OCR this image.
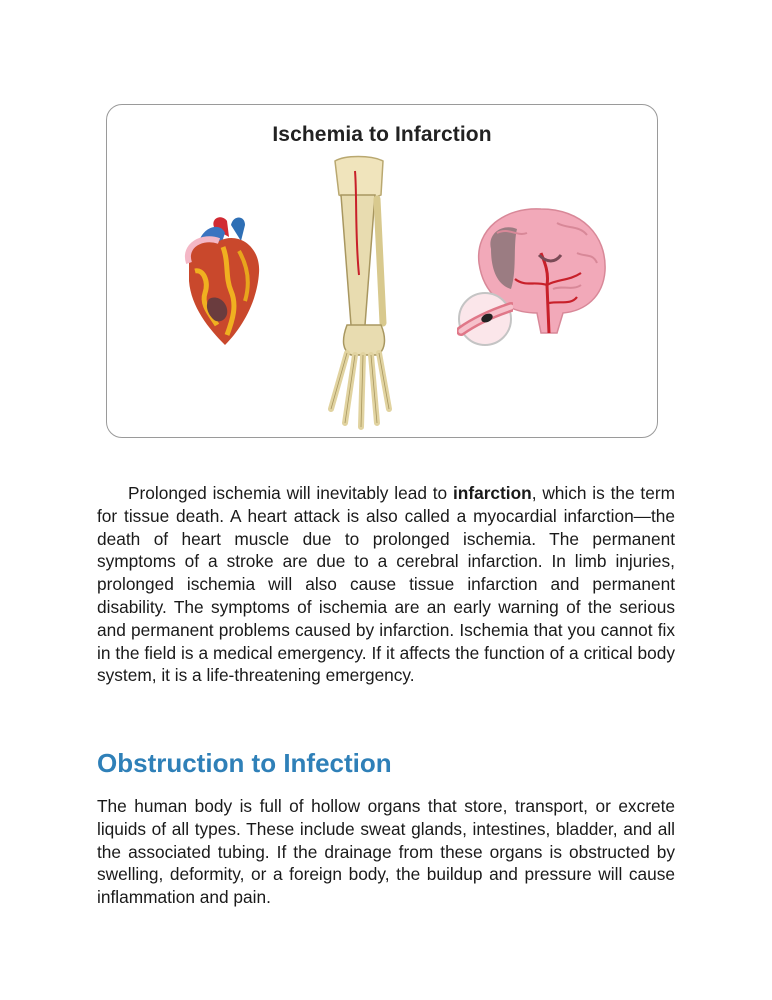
Ischemia to Infarction

Prolonged ischemia will inevitably lead to infarction, which is the term for tissue death. A heart attack is also called a myocardial infarction—the death of heart muscle due to prolonged ischemia. The permanent symptoms of a stroke are due to a cerebral infarction. In limb injuries, prolonged ischemia will also cause tissue infarction and permanent disability. The symptoms of ischemia are an early warning of the serious and permanent problems caused by infarction. Ischemia that you cannot fix in the field is a medical emergency. If it affects the function of a critical body system, it is a life-threatening emergency.

Obstruction to Infection

The human body is full of hollow organs that store, transport, or excrete liquids of all types. These include sweat glands, intestines, bladder, and all the associated tubing. If the drainage from these organs is obstructed by swelling, deformity, or a foreign body, the buildup and pressure will cause inflammation and pain.
